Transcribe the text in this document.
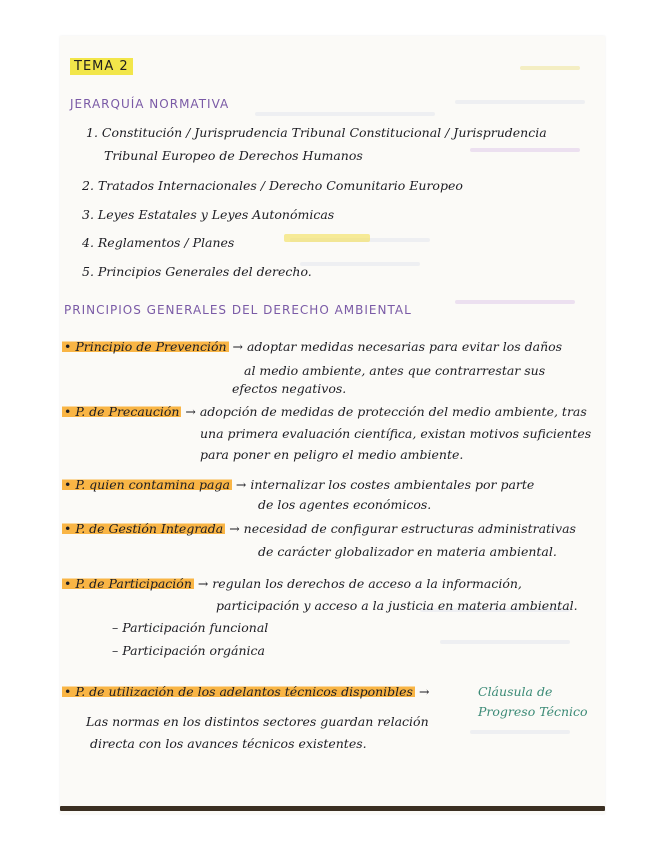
TEMA 2

JERARQUÍA NORMATIVA

1. Constitución / Jurisprudencia Tribunal Constitucional / Jurisprudencia

Tribunal Europeo de Derechos Humanos

2. Tratados Internacionales / Derecho Comunitario Europeo

3. Leyes Estatales y Leyes Autonómicas

4. Reglamentos / Planes

5. Principios Generales del derecho.

PRINCIPIOS GENERALES DEL DERECHO AMBIENTAL

• Principio de Prevención → adoptar medidas necesarias para evitar los daños

al medio ambiente, antes que contrarrestar sus

efectos negativos.

• P. de Precaución → adopción de medidas de protección del medio ambiente, tras

una primera evaluación científica, existan motivos suficientes

para poner en peligro el medio ambiente.

• P. quien contamina paga → internalizar los costes ambientales por parte

de los agentes económicos.

• P. de Gestión Integrada → necesidad de configurar estructuras administrativas

de carácter globalizador en materia ambiental.

• P. de Participación → regulan los derechos de acceso a la información,

participación y acceso a la justicia en materia ambiental.

– Participación funcional

– Participación orgánica

• P. de utilización de los adelantos técnicos disponibles →	Cláusula de

Progreso Técnico

Las normas en los distintos sectores guardan relación

directa con los avances técnicos existentes.
